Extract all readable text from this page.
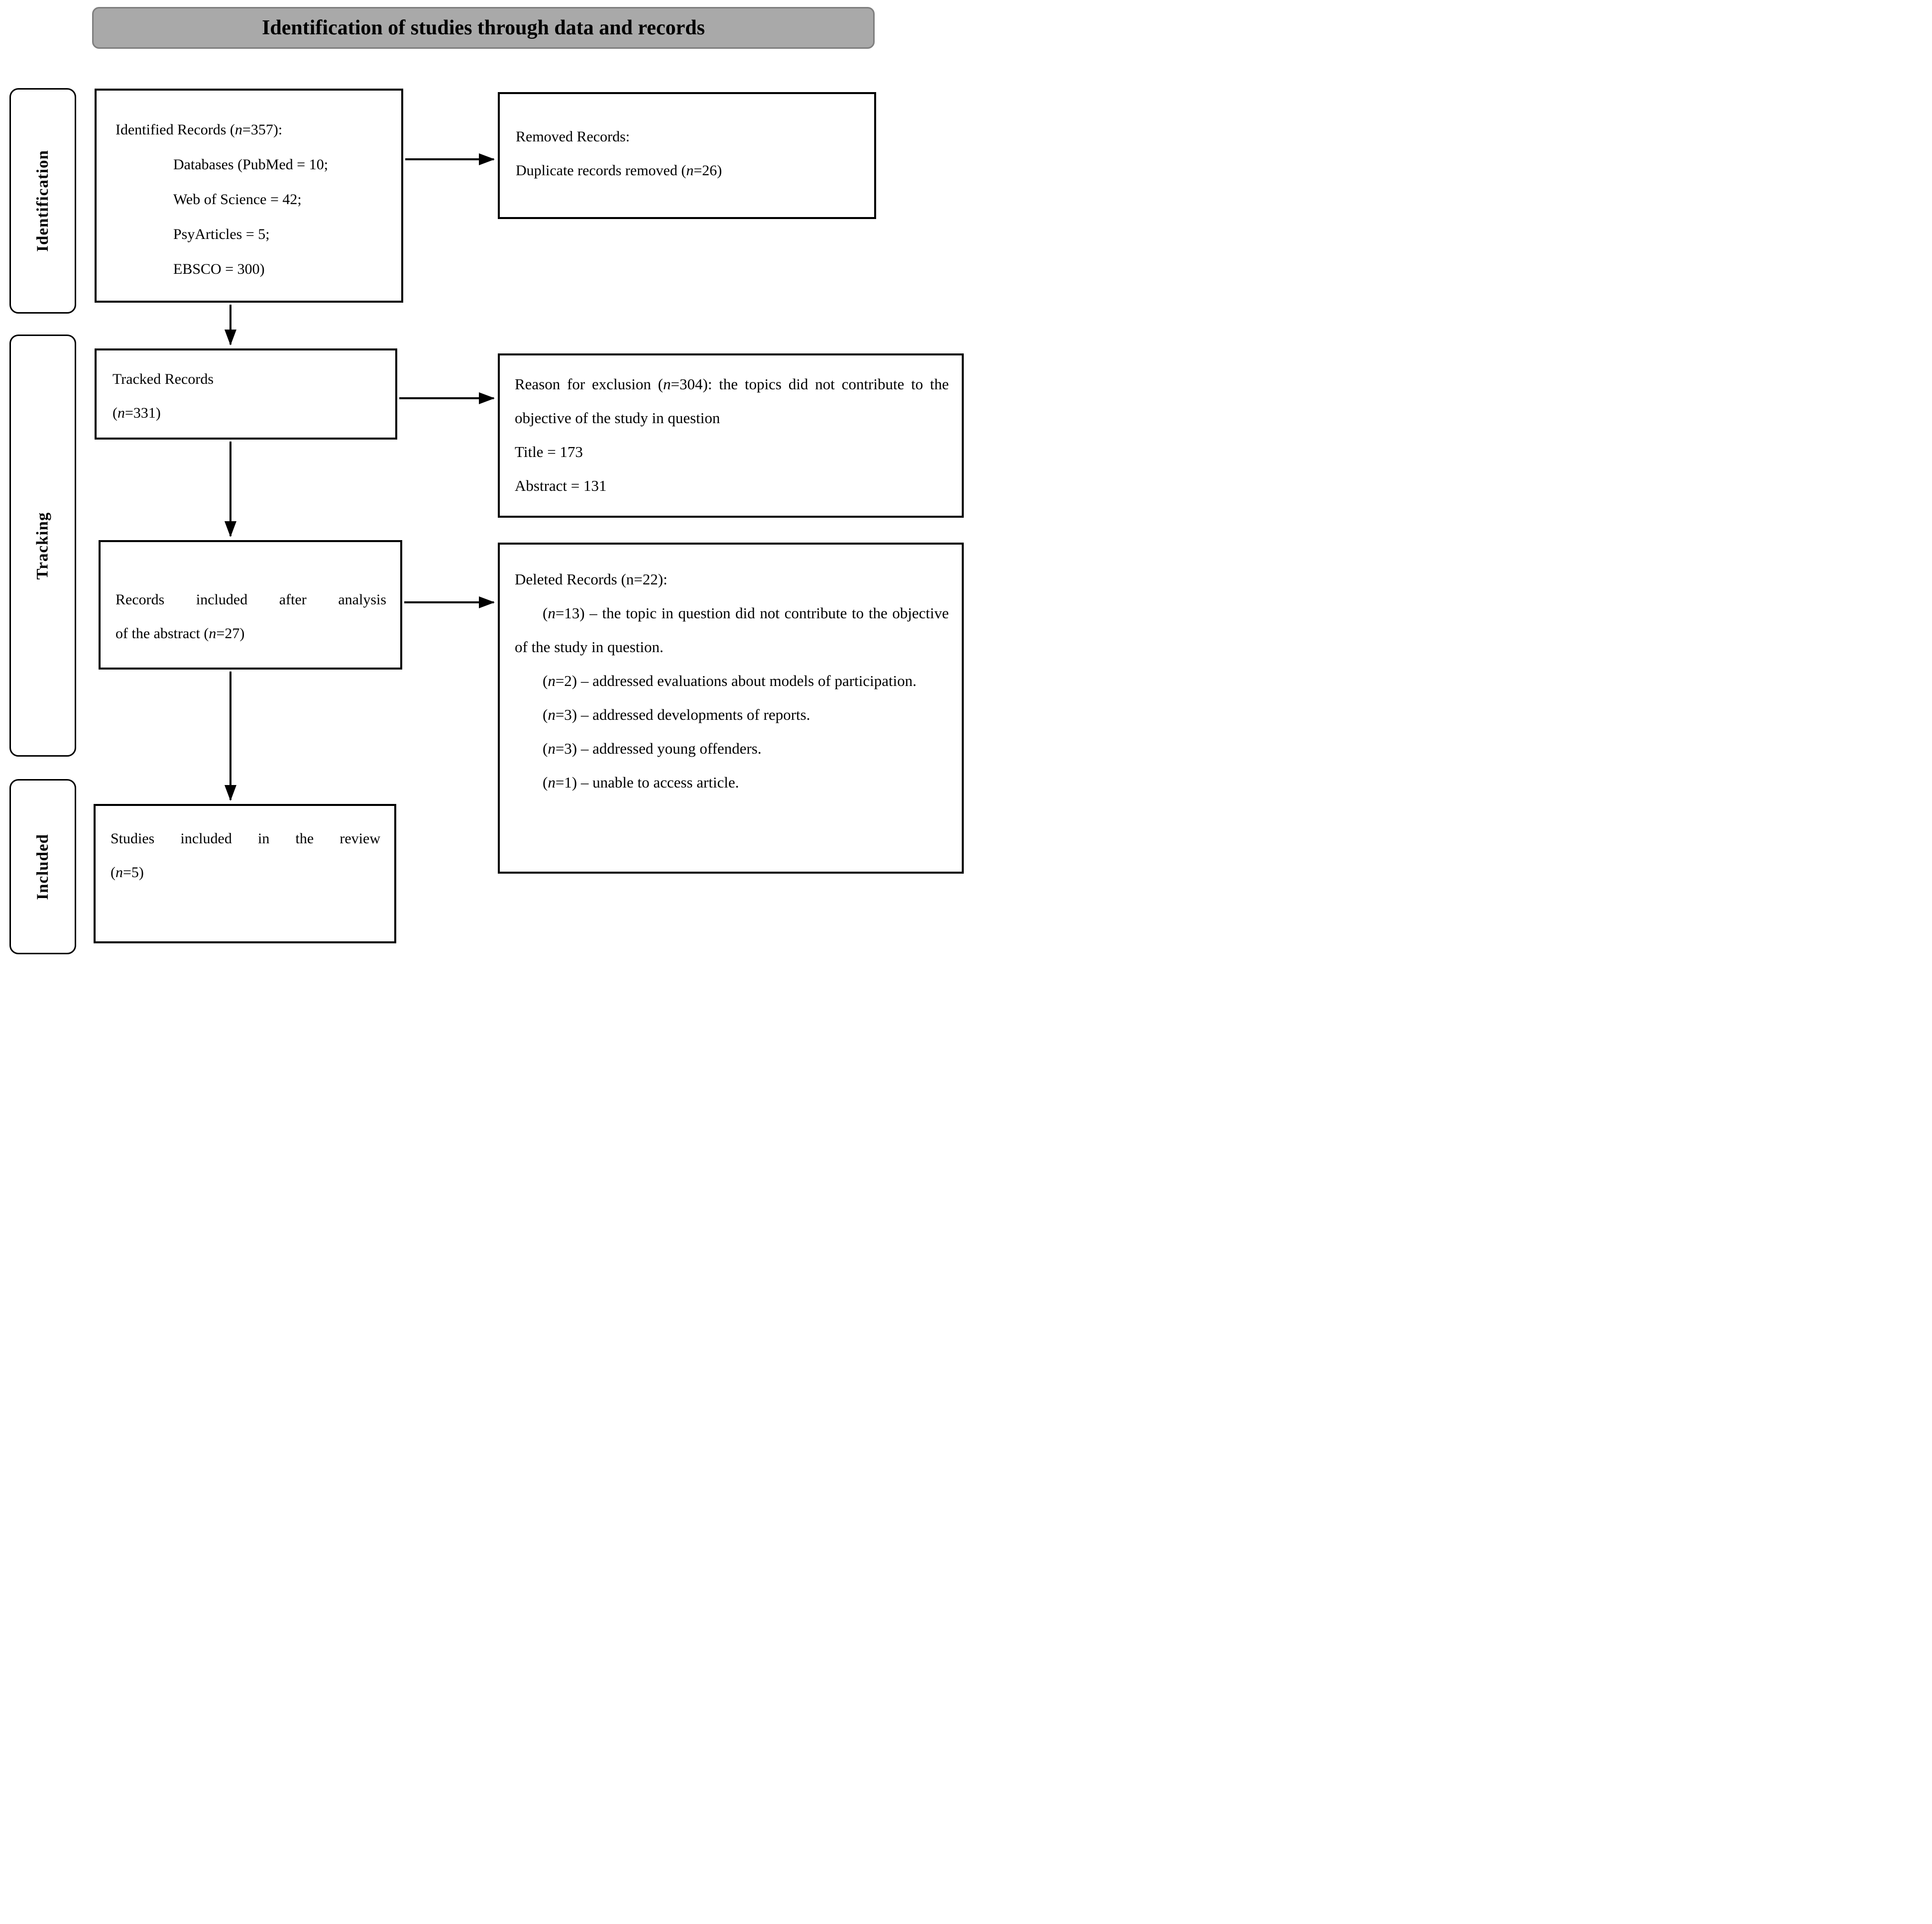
Identification of studies through data and records
Identification
Tracking
Included
Identified Records (n=357):
Databases (PubMed = 10;
Web of Science = 42;
PsyArticles = 5;
EBSCO = 300)
Removed Records:
Duplicate records removed (n=26)
Tracked Records
(n=331)
Reason for exclusion (n=304): the topics did not contribute to the objective of the study in question
Title = 173
Abstract = 131
Records included after analysis
of the abstract (n=27)
Deleted Records (n=22):
(n=13) – the topic in question did not contribute to the objective of the study in question.
(n=2) – addressed evaluations about models of participation.
(n=3) – addressed developments of reports.
(n=3) – addressed young offenders.
(n=1) – unable to access article.
Studies included in the review
(n=5)
